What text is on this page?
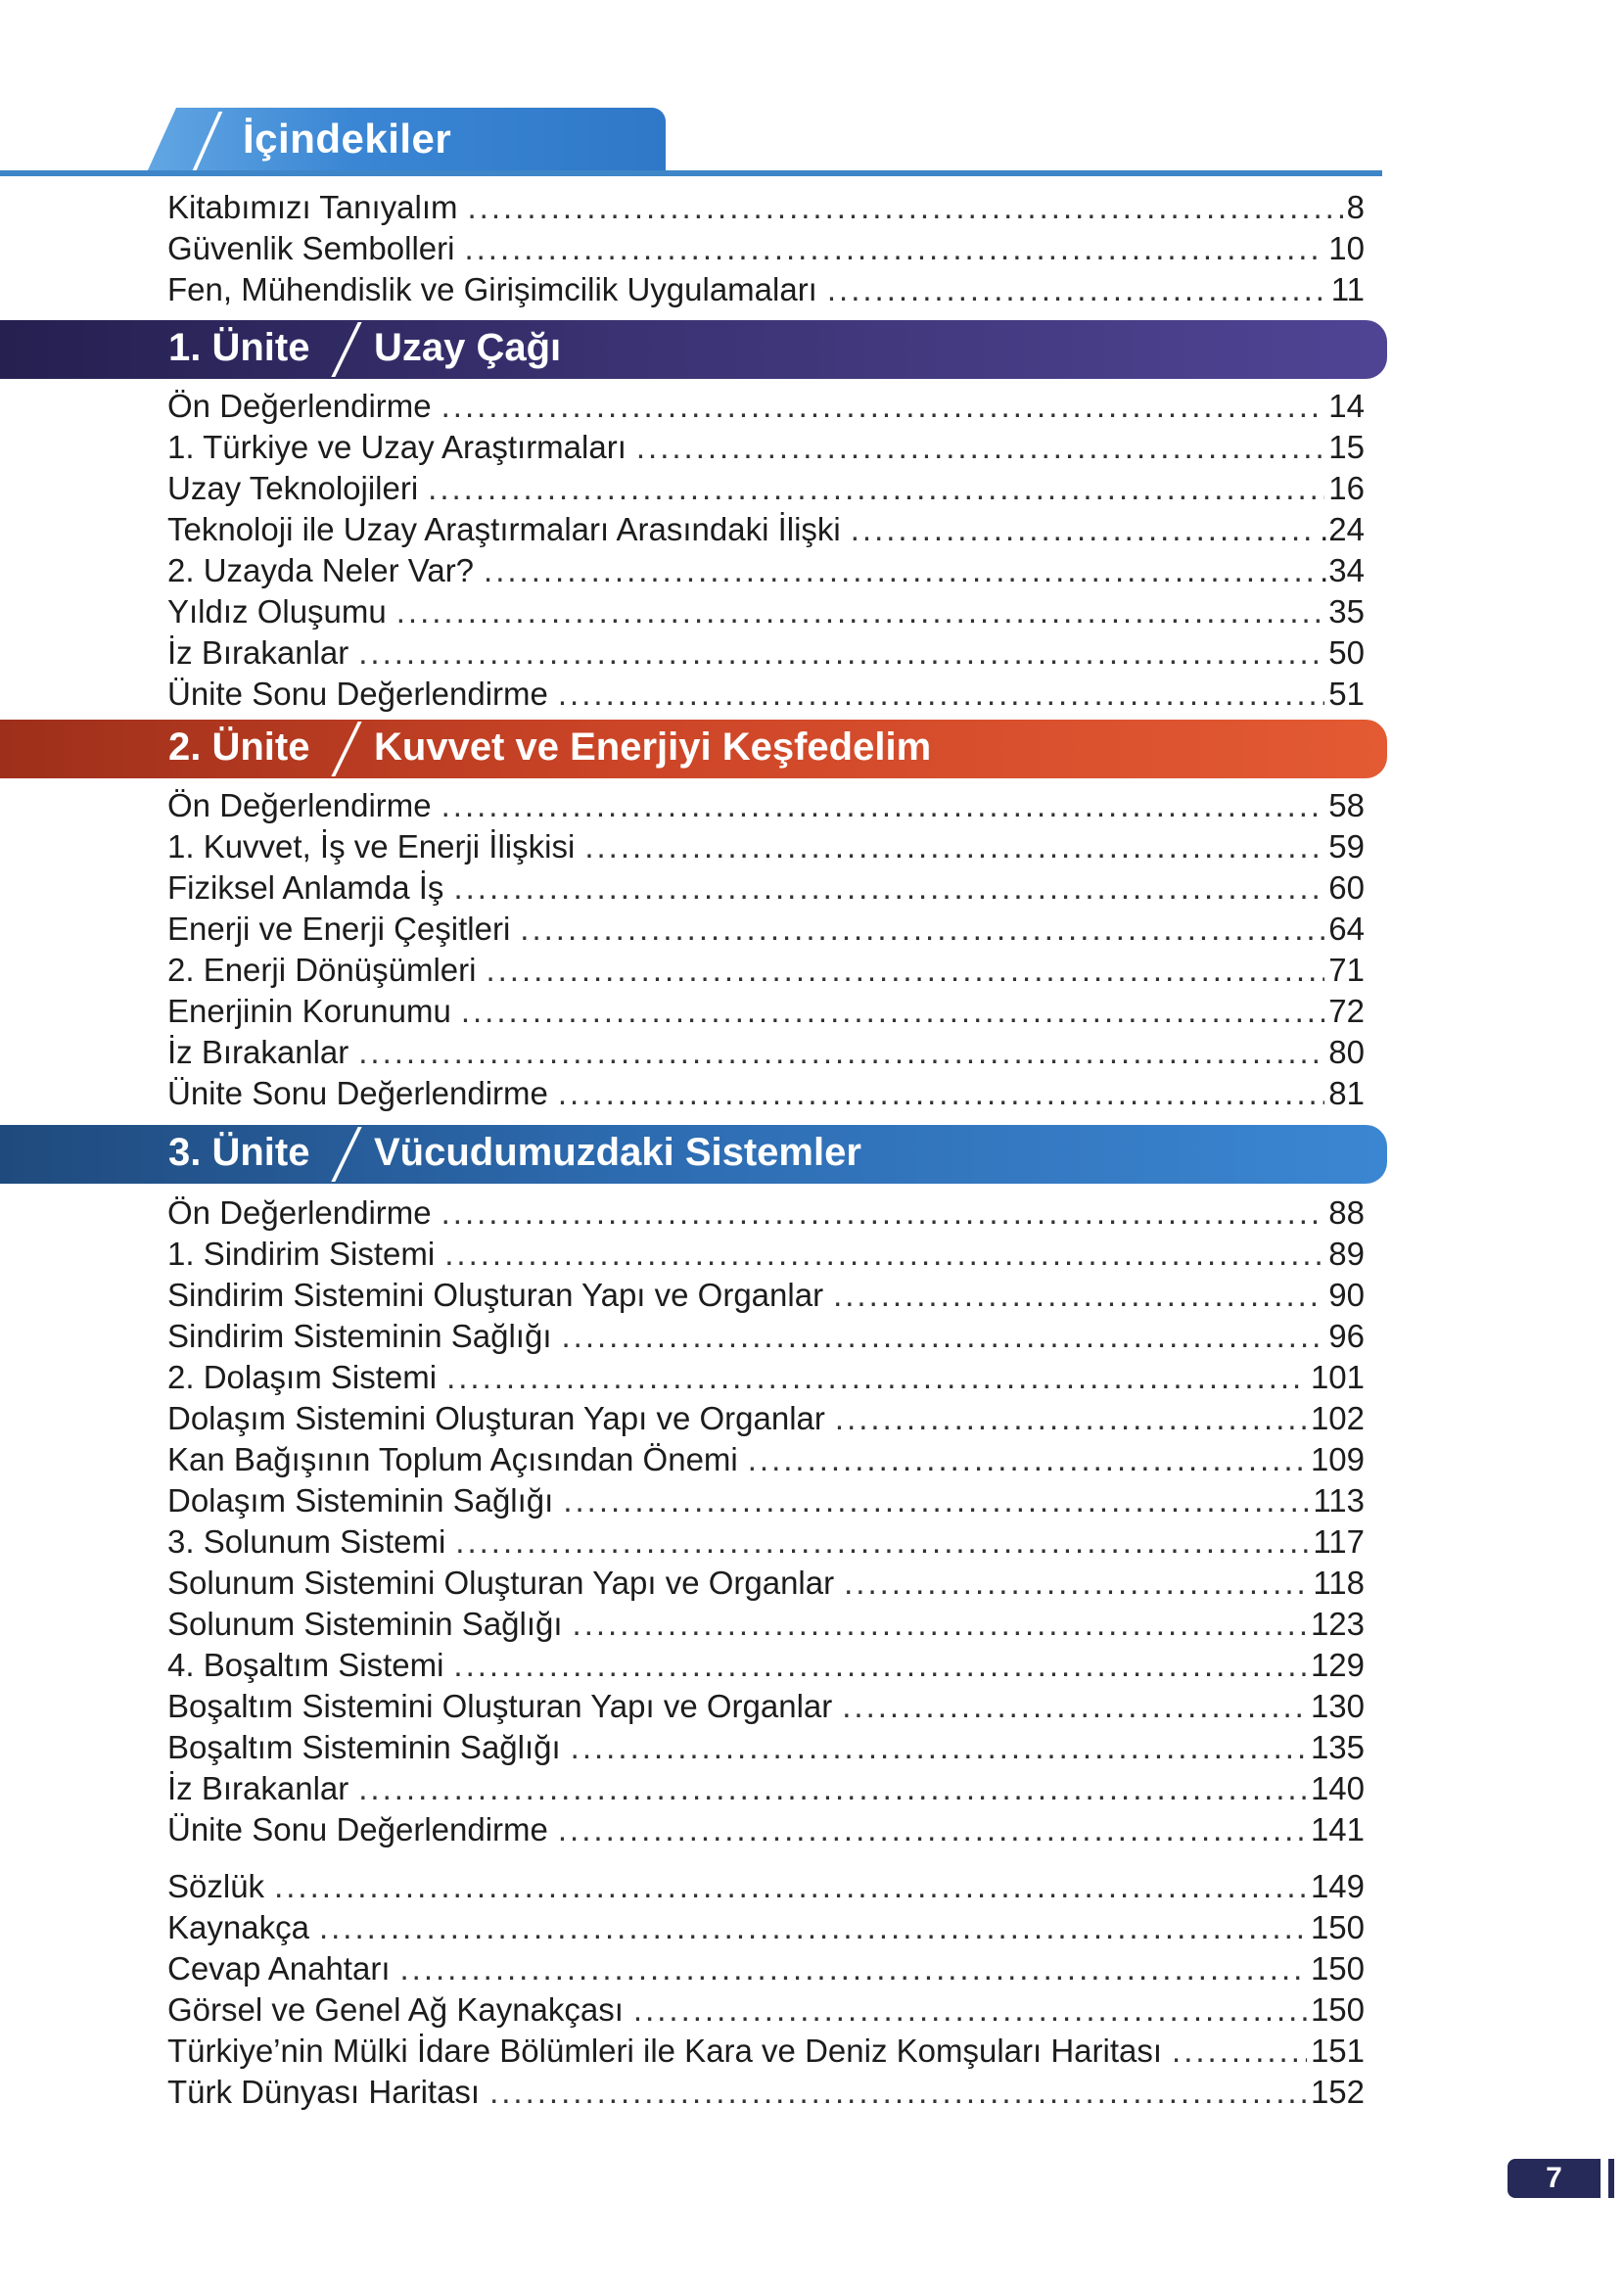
İçindekiler
Kitabımızı Tanıyalım .....	8
Güvenlik Sembolleri .....	10
Fen, Mühendislik ve Girişimcilik Uygulamaları .....	11
1. Ünite Uzay Çağı
Ön Değerlendirme .....	14
1. Türkiye ve Uzay Araştırmaları .....	15
Uzay Teknolojileri .....	16
Teknoloji ile Uzay Araştırmaları Arasındaki İlişki .....	.24
2. Uzayda Neler Var? .....	.34
Yıldız Oluşumu .....	35
İz Bırakanlar .....	50
Ünite Sonu Değerlendirme .....	51
2. Ünite Kuvvet ve Enerjiyi Keşfedelim
Ön Değerlendirme .....	58
1. Kuvvet, İş ve Enerji İlişkisi .....	59
Fiziksel Anlamda İş .....	60
Enerji ve Enerji Çeşitleri .....	64
2. Enerji Dönüşümleri .....	71
Enerjinin Korunumu .....	72
İz Bırakanlar .....	80
Ünite Sonu Değerlendirme .....	81
3. Ünite Vücudumuzdaki Sistemler
Ön Değerlendirme .....	88
1. Sindirim Sistemi .....	89
Sindirim Sistemini Oluşturan Yapı ve Organlar .....	90
Sindirim Sisteminin Sağlığı .....	96
2. Dolaşım Sistemi .....	101
Dolaşım Sistemini Oluşturan Yapı ve Organlar .....	102
Kan Bağışının Toplum Açısından Önemi .....	109
Dolaşım Sisteminin Sağlığı .....	113
3. Solunum Sistemi .....	117
Solunum Sistemini Oluşturan Yapı ve Organlar .....	118
Solunum Sisteminin Sağlığı .....	123
4. Boşaltım Sistemi .....	129
Boşaltım Sistemini Oluşturan Yapı ve Organlar .....	130
Boşaltım Sisteminin Sağlığı .....	135
İz Bırakanlar .....	140
Ünite Sonu Değerlendirme .....	141
Sözlük .....	149
Kaynakça .....	150
Cevap Anahtarı .....	150
Görsel ve Genel Ağ Kaynakçası .....	150
Türkiye’nin Mülki İdare Bölümleri ile Kara ve Deniz Komşuları Haritası .....	151
Türk Dünyası Haritası .....	152
7
